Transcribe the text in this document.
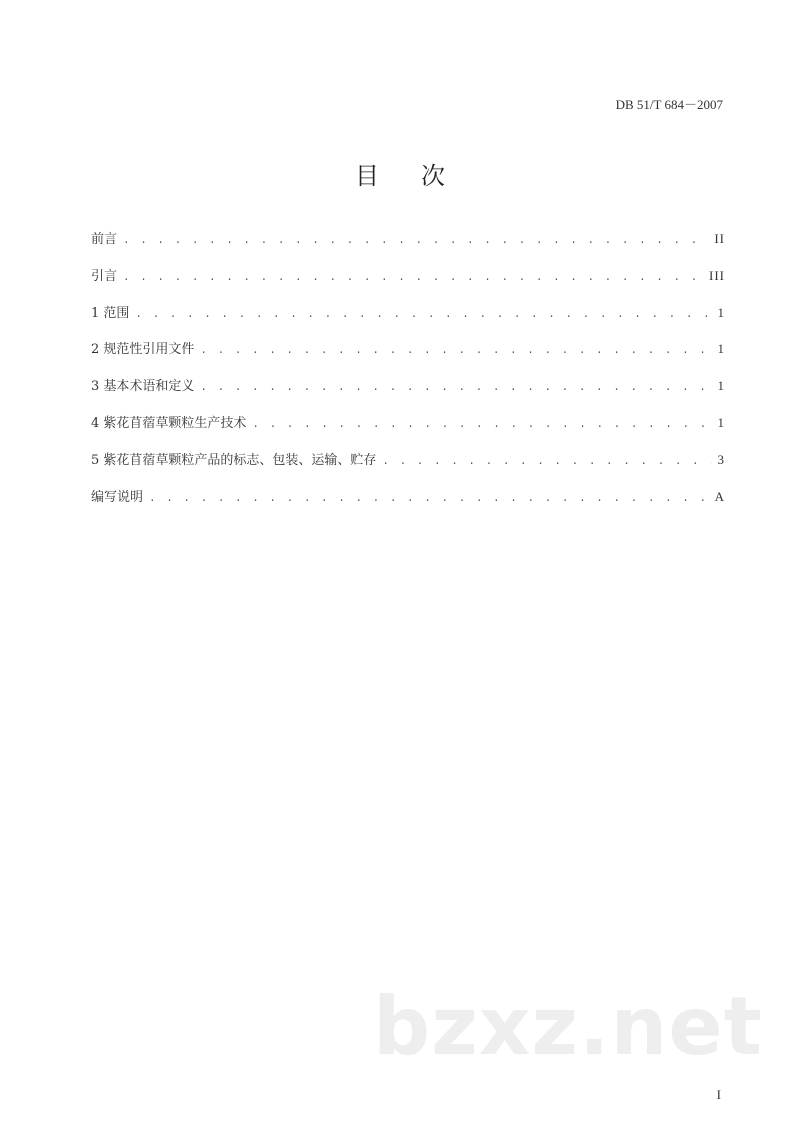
DB 51/T 684－2007
目次
前言 . . .	II
引言 . . .	III
1 范围 . . .	1
2 规范性引用文件 . . .	1
3 基本术语和定义 . . .	1
4 紫花苜蓿草颗粒生产技术 . . .	1
5 紫花苜蓿草颗粒产品的标志、包装、运输、贮存 . . .	3
编写说明 . . .	A
bzxz.net
I
